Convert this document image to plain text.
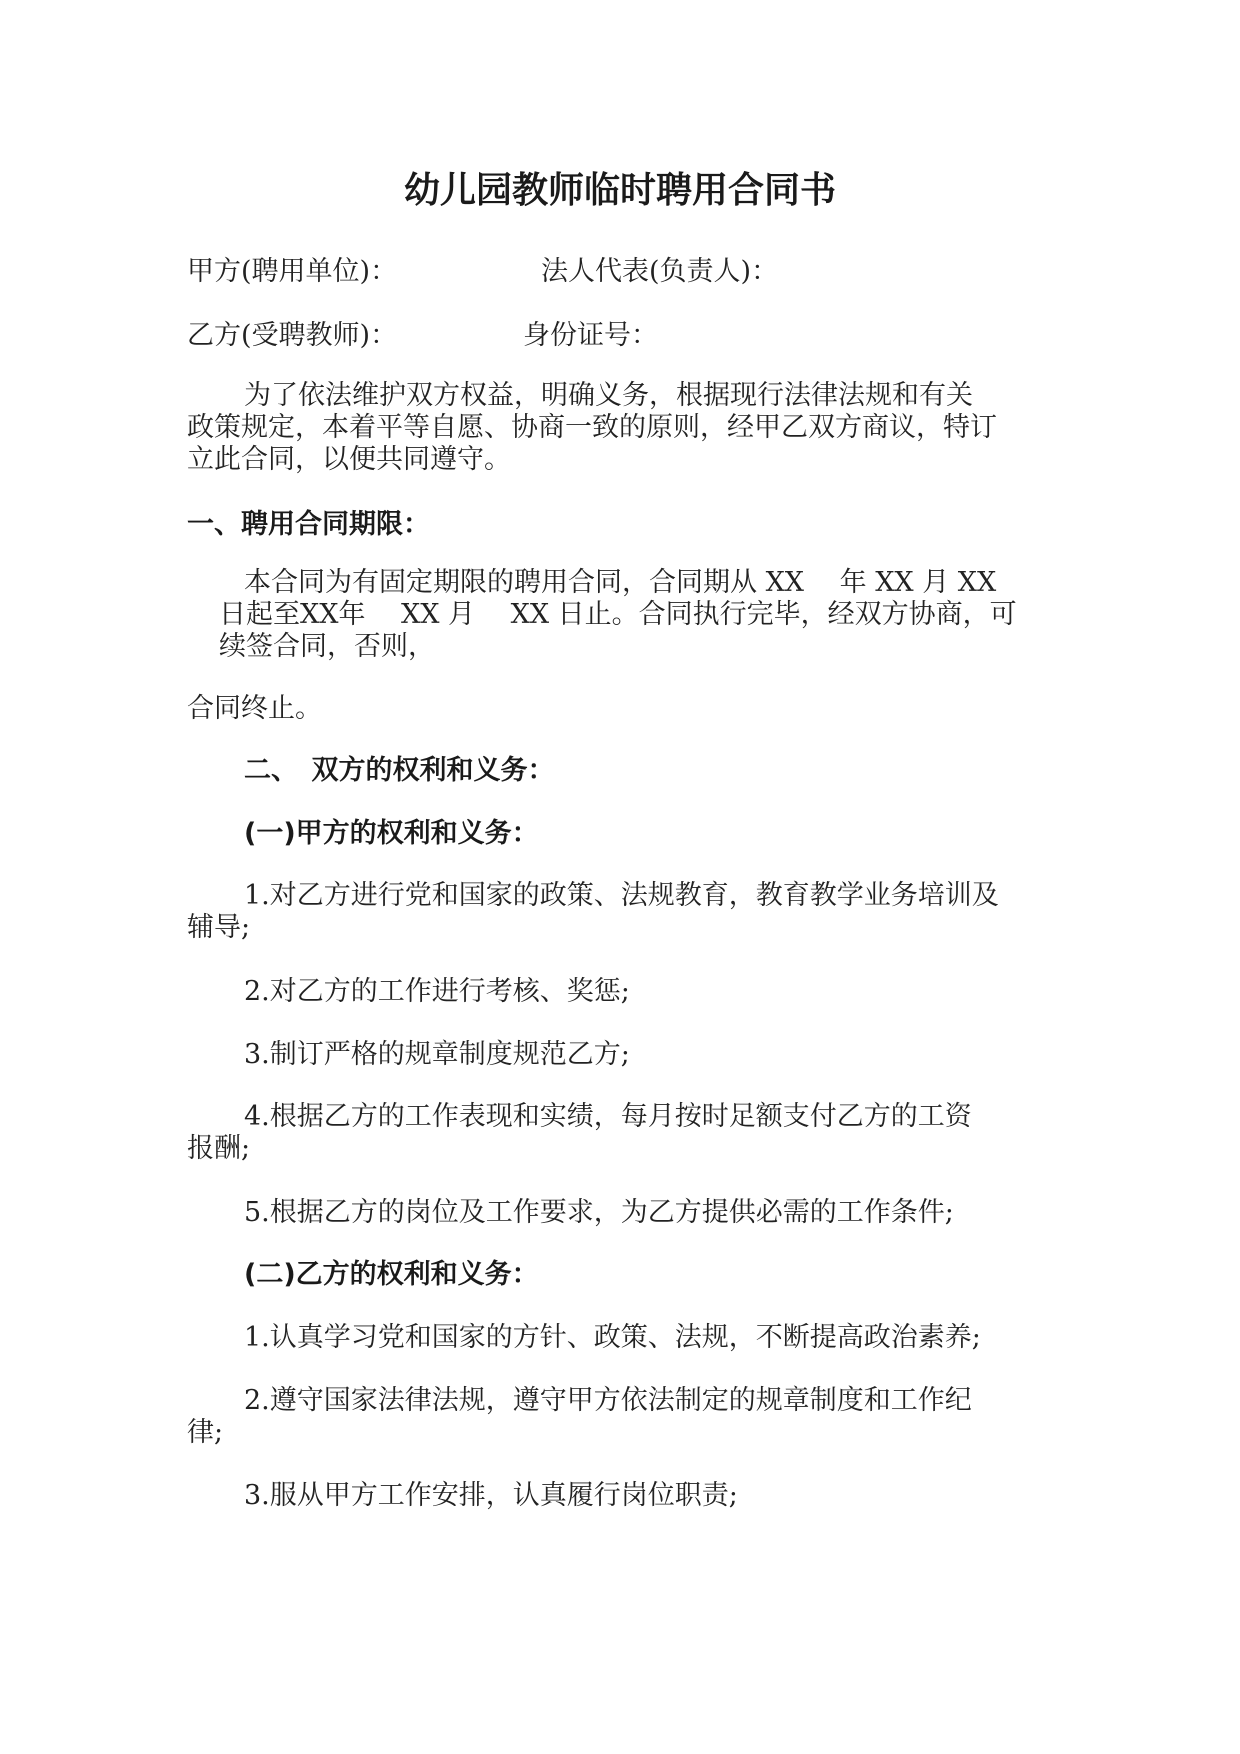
幼儿园教师临时聘用合同书
甲方(聘用单位)：	法人代表(负责人)：
乙方(受聘教师)：	身份证号：
为了依法维护双方权益，明确义务，根据现行法律法规和有关
政策规定，本着平等自愿、协商一致的原则，经甲乙双方商议，特订
立此合同，以便共同遵守。
一、聘用合同期限：
本合同为有固定期限的聘用合同，合同期从 XX　 年 XX 月 XX
日起至XX年　 XX 月　 XX 日止。合同执行完毕，经双方协商，可
续签合同，否则，
合同终止。
二、　双方的权利和义务：
(一)甲方的权利和义务：
1.对乙方进行党和国家的政策、法规教育，教育教学业务培训及
辅导;
2.对乙方的工作进行考核、奖惩;
3.制订严格的规章制度规范乙方;
4.根据乙方的工作表现和实绩，每月按时足额支付乙方的工资
报酬;
5.根据乙方的岗位及工作要求，为乙方提供必需的工作条件;
(二)乙方的权利和义务：
1.认真学习党和国家的方针、政策、法规，不断提高政治素养;
2.遵守国家法律法规，遵守甲方依法制定的规章制度和工作纪
律;
3.服从甲方工作安排，认真履行岗位职责;
